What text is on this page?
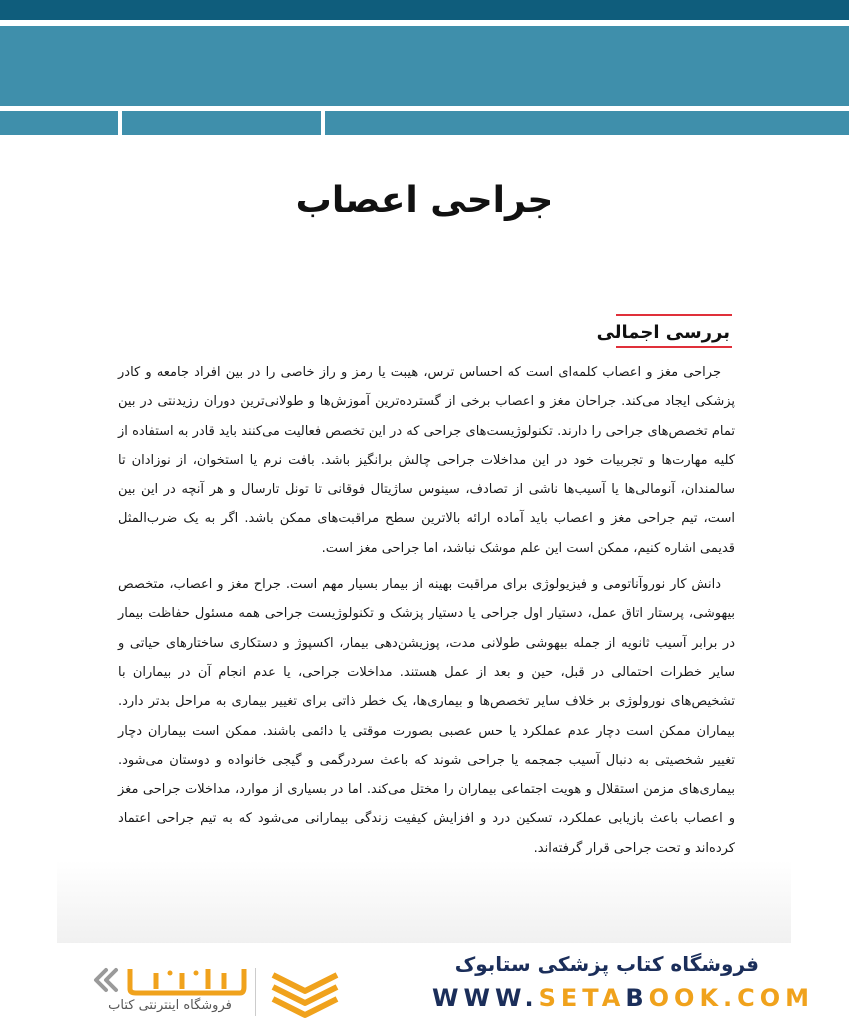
جراحی اعصاب
بررسی اجمالی

جراحی مغز و اعصاب کلمه‌ای است که احساس ترس، هیبت یا رمز و راز خاصی را در بین افراد جامعه و کادر پزشکی ایجاد می‌کند. جراحان مغز و اعصاب برخی از گسترده‌ترین آموزش‌ها و طولانی‌ترین دوران رزیدنتی در بین تمام تخصص‌های جراحی را دارند. تکنولوژیست‌های جراحی که در این تخصص فعالیت می‌کنند باید قادر به استفاده از کلیه مهارت‌ها و تجربیات خود در این مداخلات جراحی چالش برانگیز باشد. بافت نرم یا استخوان، از نوزادان تا سالمندان، آنومالی‌ها یا آسیب‌ها ناشی از تصادف، سینوس ساژیتال فوقانی تا تونل تارسال و هر آنچه در این بین است، تیم جراحی مغز و اعصاب باید آماده ارائه بالاترین سطح مراقبت‌های ممکن باشد. اگر به یک ضرب‌المثل قدیمی اشاره کنیم، ممکن است این علم موشک نباشد، اما جراحی مغز است.

دانش کار نوروآناتومی و فیزیولوژی برای مراقبت بهینه از بیمار بسیار مهم است. جراح مغز و اعصاب، متخصص بیهوشی، پرستار اتاق عمل، دستیار اول جراحی یا دستیار پزشک و تکنولوژیست جراحی همه مسئول حفاظت بیمار در برابر آسیب ثانویه از جمله بیهوشی طولانی مدت، پوزیشن‌دهی بیمار، اکسپوژ و دستکاری ساختارهای حیاتی و سایر خطرات احتمالی در قبل، حین و بعد از عمل هستند. مداخلات جراحی، یا عدم انجام آن در بیماران با تشخیص‌های نورولوژی بر خلاف سایر تخصص‌ها و بیماری‌ها، یک خطر ذاتی برای تغییر بیماری به مراحل بدتر دارد. بیماران ممکن است دچار عدم عملکرد یا حس عصبی بصورت موقتی یا دائمی باشند. ممکن است بیماران دچار تغییر شخصیتی به دنبال آسیب جمجمه یا جراحی شوند که باعث سردرگمی و گیجی خانواده و دوستان می‌شود. بیماری‌های مزمن استقلال و هویت اجتماعی بیماران را مختل می‌کند. اما در بسیاری از موارد، مداخلات جراحی مغز و اعصاب باعث بازیابی عملکرد، تسکین درد و افزایش کیفیت زندگی بیمارانی می‌شود که به تیم جراحی اعتماد کرده‌اند و تحت جراحی قرار گرفته‌اند.

فروشگاه کتاب پزشکی ستابوک
WWW.SETABOOK.COM
فروشگاه اینترنتی کتاب
